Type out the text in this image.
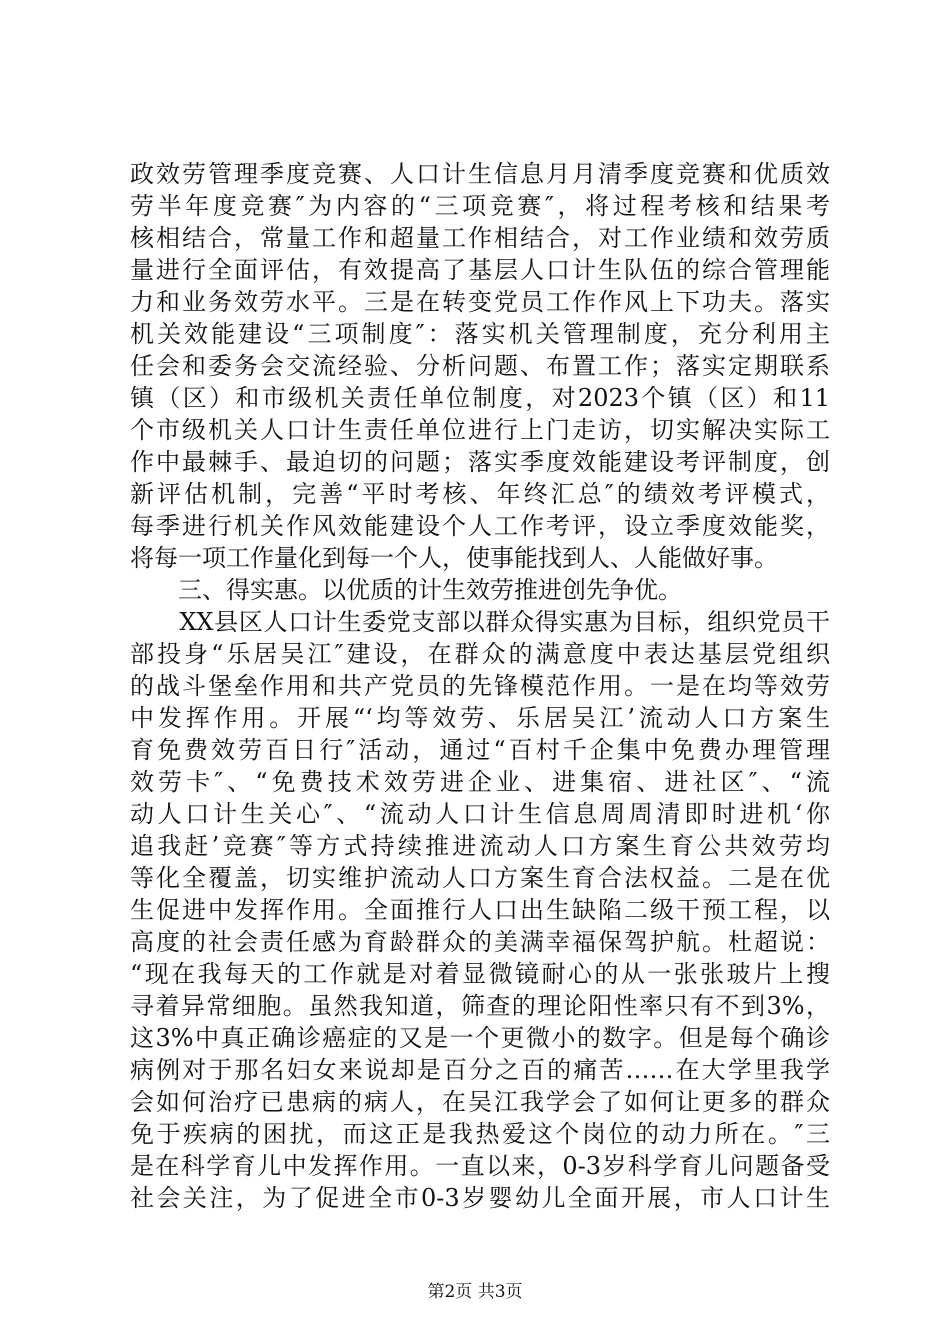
政效劳管理季度竞赛、人口计生信息月月清季度竞赛和优质效
劳半年度竞赛″为内容的“三项竞赛″，将过程考核和结果考
核相结合，常量工作和超量工作相结合，对工作业绩和效劳质
量进行全面评估，有效提高了基层人口计生队伍的综合管理能
力和业务效劳水平。三是在转变党员工作作风上下功夫。落实
机关效能建设“三项制度″：落实机关管理制度，充分利用主
任会和委务会交流经验、分析问题、布置工作；落实定期联系
镇（区）和市级机关责任单位制度，对2023个镇（区）和11
个市级机关人口计生责任单位进行上门走访，切实解决实际工
作中最棘手、最迫切的问题；落实季度效能建设考评制度，创
新评估机制，完善“平时考核、年终汇总″的绩效考评模式，
每季进行机关作风效能建设个人工作考评，设立季度效能奖，
将每一项工作量化到每一个人，使事能找到人、人能做好事。
　　三、得实惠。以优质的计生效劳推进创先争优。
　　XX县区人口计生委党支部以群众得实惠为目标，组织党员干
部投身“乐居吴江″建设，在群众的满意度中表达基层党组织
的战斗堡垒作用和共产党员的先锋模范作用。一是在均等效劳
中发挥作用。开展“‘均等效劳、乐居吴江’流动人口方案生
育免费效劳百日行″活动，通过“百村千企集中免费办理管理
效劳卡″、“免费技术效劳进企业、进集宿、进社区″、“流
动人口计生关心″、“流动人口计生信息周周清即时进机‘你
追我赶’竞赛″等方式持续推进流动人口方案生育公共效劳均
等化全覆盖，切实维护流动人口方案生育合法权益。二是在优
生促进中发挥作用。全面推行人口出生缺陷二级干预工程，以
高度的社会责任感为育龄群众的美满幸福保驾护航。杜超说：
“现在我每天的工作就是对着显微镜耐心的从一张张玻片上搜
寻着异常细胞。虽然我知道，筛查的理论阳性率只有不到3%，
这3%中真正确诊癌症的又是一个更微小的数字。但是每个确诊
病例对于那名妇女来说却是百分之百的痛苦……在大学里我学
会如何治疗已患病的病人，在吴江我学会了如何让更多的群众
免于疾病的困扰，而这正是我热爱这个岗位的动力所在。″三
是在科学育儿中发挥作用。一直以来，0-3岁科学育儿问题备受
社会关注，为了促进全市0-3岁婴幼儿全面开展，市人口计生
第2页 共3页
